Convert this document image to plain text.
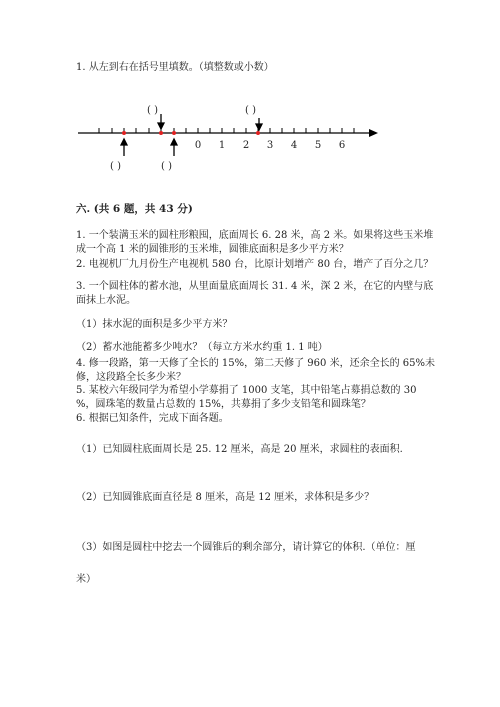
1. 从左到右在括号里填数。（填整数或小数）
0 1 2 3 4 5 6
( )	( )
( )	( )
六. (共 6 题，共 43 分)
1. 一个装满玉米的圆柱形粮囤，底面周长 6. 28 米，高 2 米。如果将这些玉米堆
成一个高 1 米的圆锥形的玉米堆，圆锥底面积是多少平方米？
2. 电视机厂九月份生产电视机 580 台，比原计划增产 80 台，增产了百分之几？
3. 一个圆柱体的蓄水池，从里面量底面周长 31. 4 米，深 2 米，在它的内壁与底
面抹上水泥。
（1）抹水泥的面积是多少平方米？
（2）蓄水池能蓄多少吨水？（每立方米水约重 1. 1 吨）
4. 修一段路，第一天修了全长的 15%，第二天修了 960 米，还余全长的 65%未
修，这段路全长多少米？
5. 某校六年级同学为希望小学募捐了 1000 支笔，其中铅笔占募捐总数的 30
%，圆珠笔的数量占总数的 15%，共募捐了多少支铅笔和圆珠笔？
6. 根据已知条件，完成下面各题。
（1）已知圆柱底面周长是 25. 12 厘米，高是 20 厘米，求圆柱的表面积.
（2）已知圆锥底面直径是 8 厘米，高是 12 厘米，求体积是多少？
（3）如图是圆柱中挖去一个圆锥后的剩余部分，请计算它的体积.（单位：厘
米）
